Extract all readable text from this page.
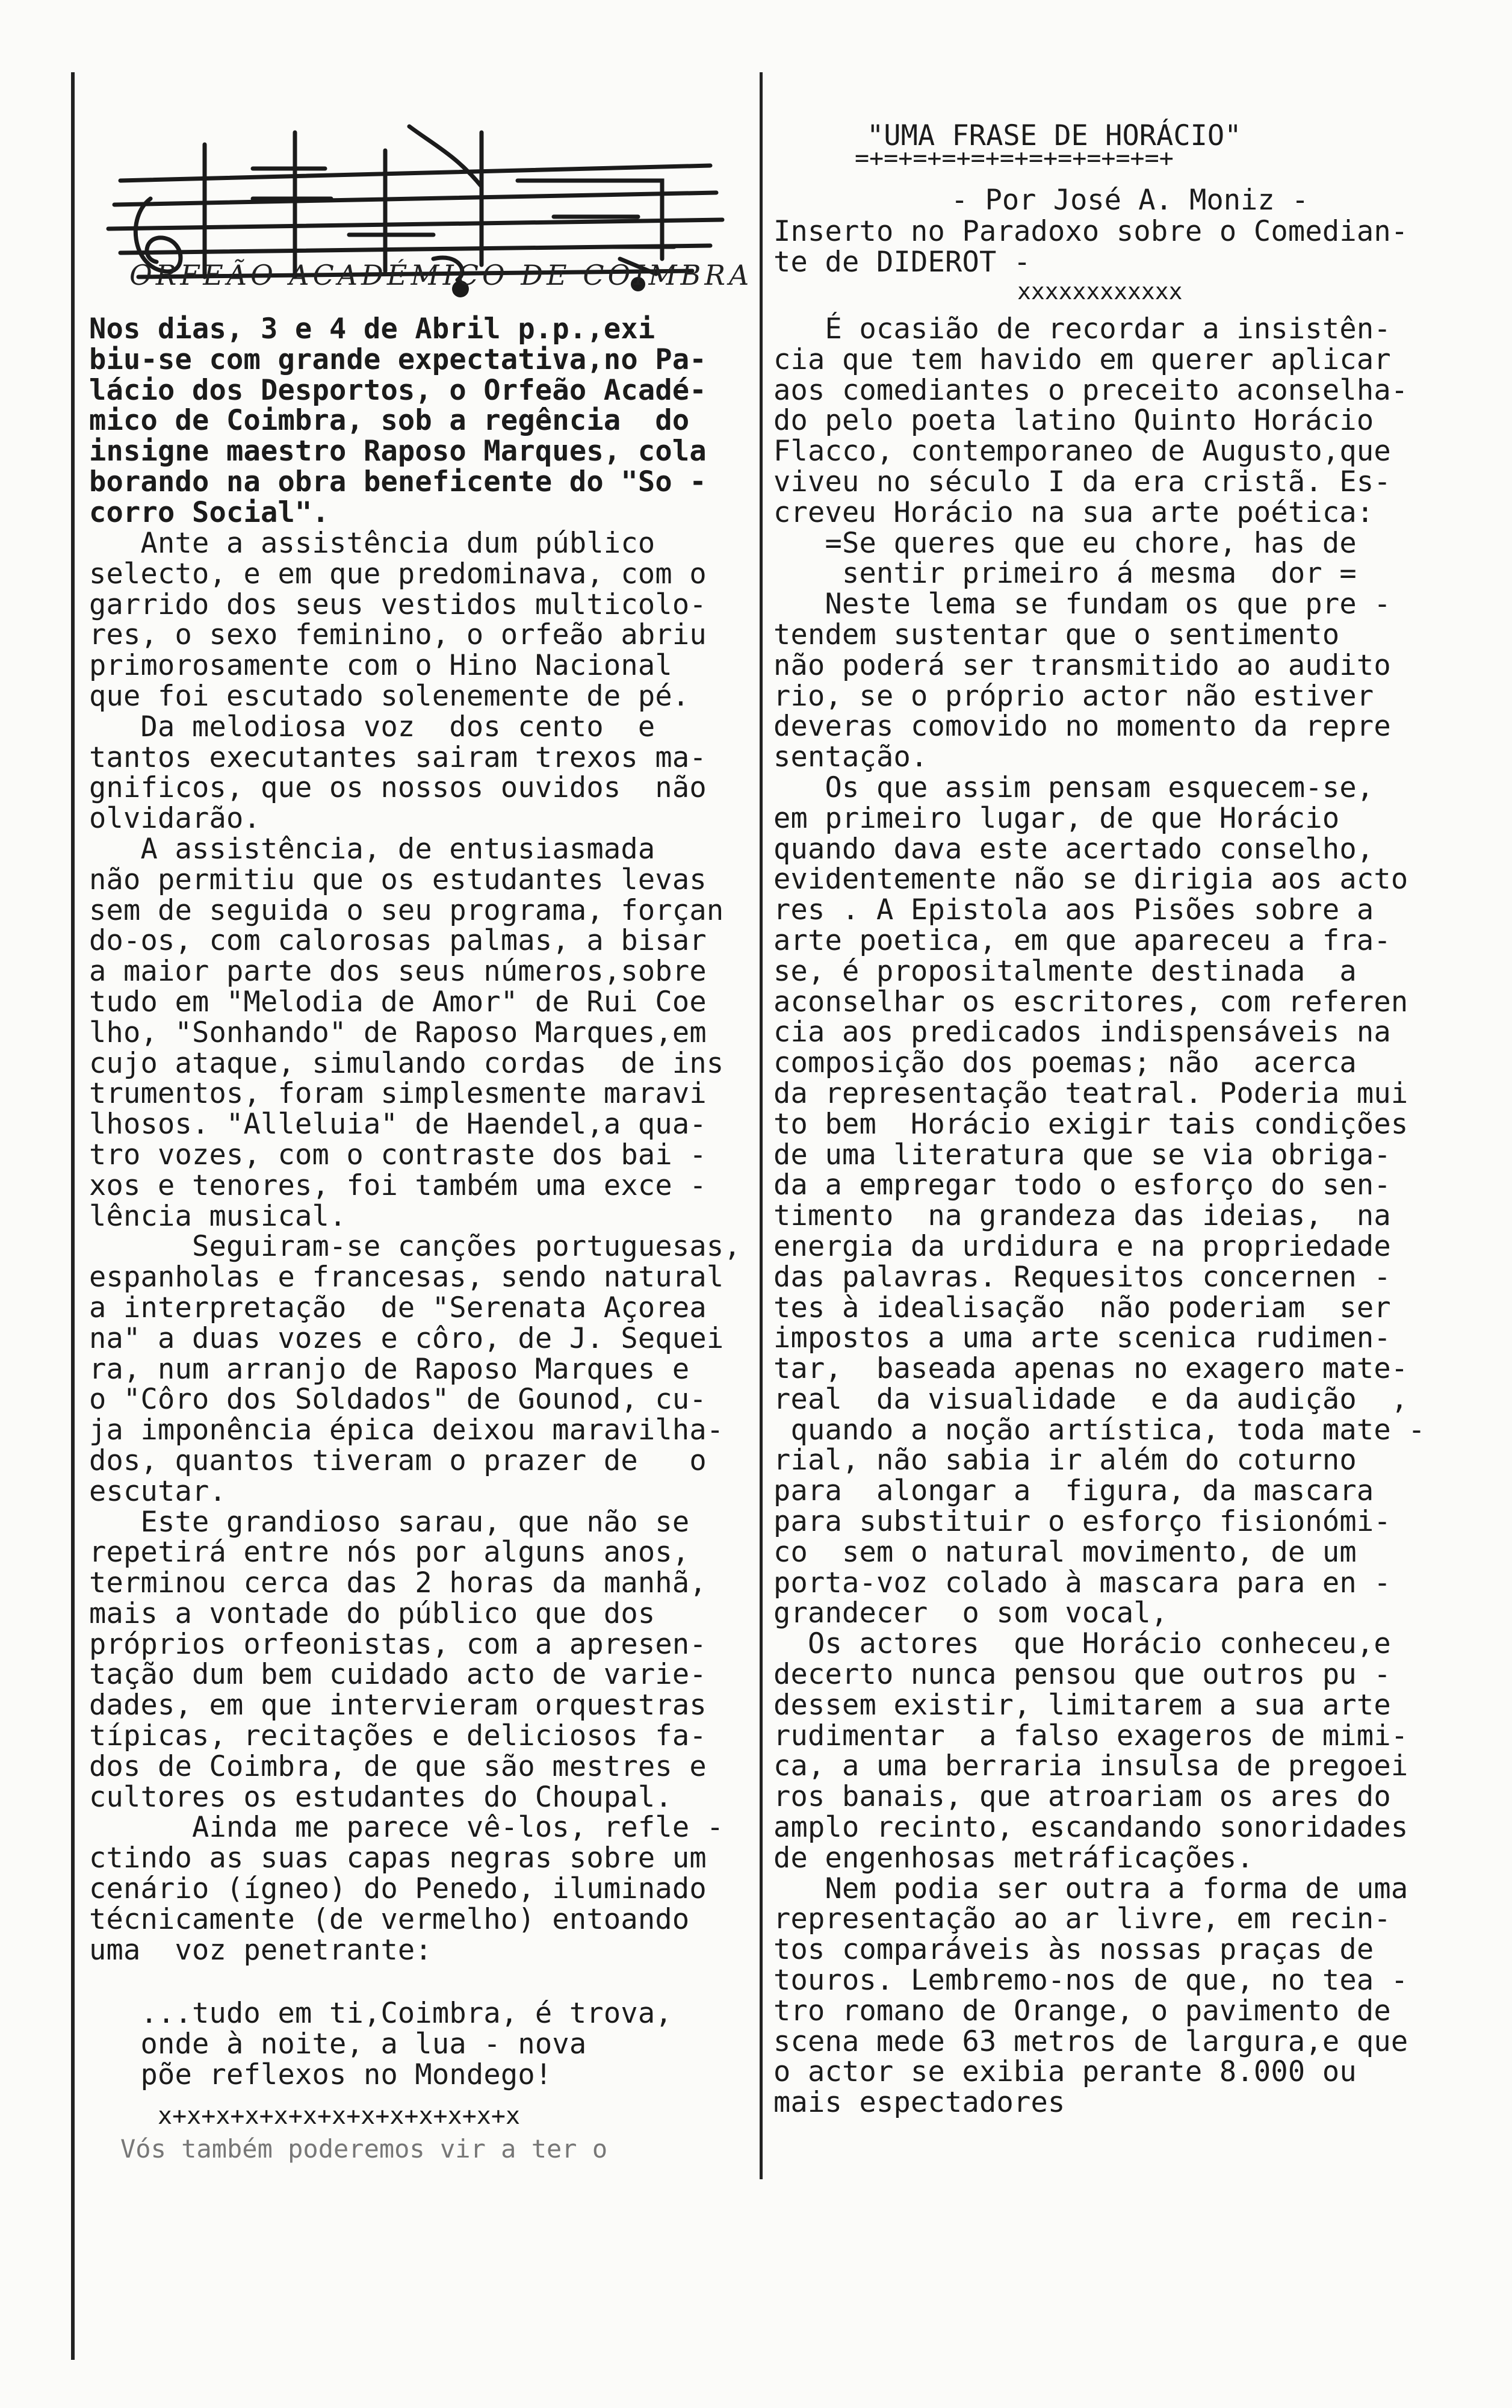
ORFEÃO ACADÉMICO DE COIMBRA

Nos dias, 3 e 4 de Abril p.p.,exi

biu-se com grande expectativa,no Pa-

lácio dos Desportos, o Orfeão Acadé-

mico de Coimbra, sob a regência  do

insigne maestro Raposo Marques, cola

borando na obra beneficente do "So -

corro Social".

Ante a assistência dum público

selecto, e em que predominava, com o

garrido dos seus vestidos multicolo-

res, o sexo feminino, o orfeão abriu

primorosamente com o Hino Nacional

que foi escutado solenemente de pé.

Da melodiosa voz  dos cento  e

tantos executantes sairam trexos ma-

gnificos, que os nossos ouvidos  não

olvidarão.

A assistência, de entusiasmada

não permitiu que os estudantes levas

sem de seguida o seu programa, forçan

do-os, com calorosas palmas, a bisar

a maior parte dos seus números,sobre

tudo em "Melodia de Amor" de Rui Coe

lho, "Sonhando" de Raposo Marques,em

cujo ataque, simulando cordas  de ins

trumentos, foram simplesmente maravi

lhosos. "Alleluia" de Haendel,a qua-

tro vozes, com o contraste dos bai -

xos e tenores, foi também uma exce -

lência musical.

Seguiram-se canções portuguesas,

espanholas e francesas, sendo natural

a interpretação  de "Serenata Açorea

na" a duas vozes e côro, de J. Sequei

ra, num arranjo de Raposo Marques e

o "Côro dos Soldados" de Gounod, cu-

ja imponência épica deixou maravilha-

dos, quantos tiveram o prazer de   o

escutar.

Este grandioso sarau, que não se

repetirá entre nós por alguns anos,

terminou cerca das 2 horas da manhã,

mais a vontade do público que dos

próprios orfeonistas, com a apresen-

tação dum bem cuidado acto de varie-

dades, em que intervieram orquestras

típicas, recitações e deliciosos fa-

dos de Coimbra, de que são mestres e

cultores os estudantes do Choupal.

Ainda me parece vê-los, refle -

ctindo as suas capas negras sobre um

cenário (ígneo) do Penedo, iluminado

técnicamente (de vermelho) entoando

uma  voz penetrante:

...tudo em ti,Coimbra, é trova,

onde à noite, a lua - nova

põe reflexos no Mondego!

x+x+x+x+x+x+x+x+x+x+x+x+x
Vós também poderemos vir a ter o
"UMA FRASE DE HORÁCIO"
=+=+=+=+=+=+=+=+=+=+=+
- Por José A. Moniz -

Inserto no Paradoxo sobre o Comedian-

te de DIDEROT -

xxxxxxxxxxxx

É ocasião de recordar a insistên-

cia que tem havido em querer aplicar

aos comediantes o preceito aconselha-

do pelo poeta latino Quinto Horácio

Flacco, contemporaneo de Augusto,que

viveu no século I da era cristã. Es-

creveu Horácio na sua arte poética:

=Se queres que eu chore, has de

sentir primeiro á mesma  dor =

Neste lema se fundam os que pre -

tendem sustentar que o sentimento

não poderá ser transmitido ao audito

rio, se o próprio actor não estiver

deveras comovido no momento da repre

sentação.

Os que assim pensam esquecem-se,

em primeiro lugar, de que Horácio

quando dava este acertado conselho,

evidentemente não se dirigia aos acto

res . A Epistola aos Pisões sobre a

arte poetica, em que apareceu a fra-

se, é propositalmente destinada  a

aconselhar os escritores, com referen

cia aos predicados indispensáveis na

composição dos poemas; não  acerca

da representação teatral. Poderia mui

to bem  Horácio exigir tais condições

de uma literatura que se via obriga-

da a empregar todo o esforço do sen-

timento  na grandeza das ideias,  na

energia da urdidura e na propriedade

das palavras. Requesitos concernen -

tes à idealisação  não poderiam  ser

impostos a uma arte scenica rudimen-

tar,  baseada apenas no exagero mate-

real  da visualidade  e da audição  ,

quando a noção artística, toda mate -

rial, não sabia ir além do coturno

para  alongar a  figura, da mascara

para substituir o esforço fisionómi-

co  sem o natural movimento, de um

porta-voz colado à mascara para en -

grandecer  o som vocal,

Os actores  que Horácio conheceu,e

decerto nunca pensou que outros pu -

dessem existir, limitarem a sua arte

rudimentar  a falso exageros de mimi-

ca, a uma berraria insulsa de pregoei

ros banais, que atroariam os ares do

amplo recinto, escandando sonoridades

de engenhosas metráficações.

Nem podia ser outra a forma de uma

representação ao ar livre, em recin-

tos comparáveis às nossas praças de

touros. Lembremo-nos de que, no tea -

tro romano de Orange, o pavimento de

scena mede 63 metros de largura,e que

o actor se exibia perante 8.000 ou

mais espectadores
